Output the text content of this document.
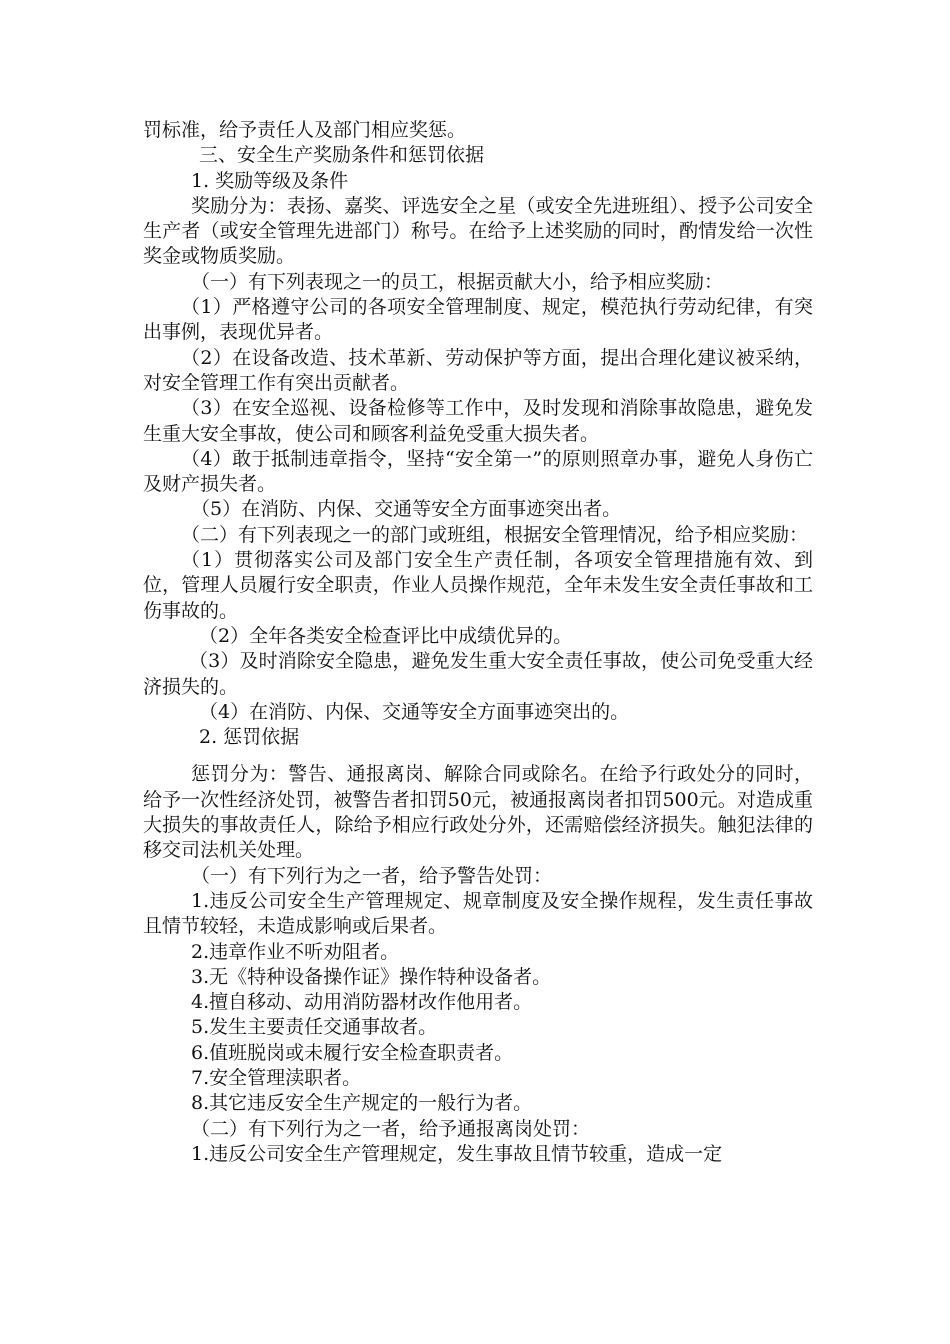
罚标准，给予责任人及部门相应奖惩。

三、安全生产奖励条件和惩罚依据

1. 奖励等级及条件

奖励分为：表扬、嘉奖、评选安全之星（或安全先进班组）、授予公司安全生产者（或安全管理先进部门）称号。在给予上述奖励的同时，酌情发给一次性奖金或物质奖励。

（一）有下列表现之一的员工，根据贡献大小，给予相应奖励：

（1）严格遵守公司的各项安全管理制度、规定，模范执行劳动纪律，有突出事例，表现优异者。

（2）在设备改造、技术革新、劳动保护等方面，提出合理化建议被采纳，对安全管理工作有突出贡献者。

（3）在安全巡视、设备检修等工作中，及时发现和消除事故隐患，避免发生重大安全事故，使公司和顾客利益免受重大损失者。

（4）敢于抵制违章指令，坚持“安全第一”的原则照章办事，避免人身伤亡及财产损失者。

（5）在消防、内保、交通等安全方面事迹突出者。

（二）有下列表现之一的部门或班组，根据安全管理情况，给予相应奖励：

（1）贯彻落实公司及部门安全生产责任制，各项安全管理措施有效、到位，管理人员履行安全职责，作业人员操作规范，全年未发生安全责任事故和工伤事故的。

（2）全年各类安全检查评比中成绩优异的。

（3）及时消除安全隐患，避免发生重大安全责任事故，使公司免受重大经济损失的。

（4）在消防、内保、交通等安全方面事迹突出的。

2. 惩罚依据

惩罚分为：警告、通报离岗、解除合同或除名。在给予行政处分的同时，给予一次性经济处罚，被警告者扣罚50元，被通报离岗者扣罚500元。对造成重大损失的事故责任人，除给予相应行政处分外，还需赔偿经济损失。触犯法律的移交司法机关处理。

（一）有下列行为之一者，给予警告处罚：

1.违反公司安全生产管理规定、规章制度及安全操作规程，发生责任事故且情节较轻，未造成影响或后果者。

2.违章作业不听劝阻者。

3.无《特种设备操作证》操作特种设备者。

4.擅自移动、动用消防器材改作他用者。

5.发生主要责任交通事故者。

6.值班脱岗或未履行安全检查职责者。

7.安全管理渎职者。

8.其它违反安全生产规定的一般行为者。

（二）有下列行为之一者，给予通报离岗处罚：

1.违反公司安全生产管理规定，发生事故且情节较重，造成一定
